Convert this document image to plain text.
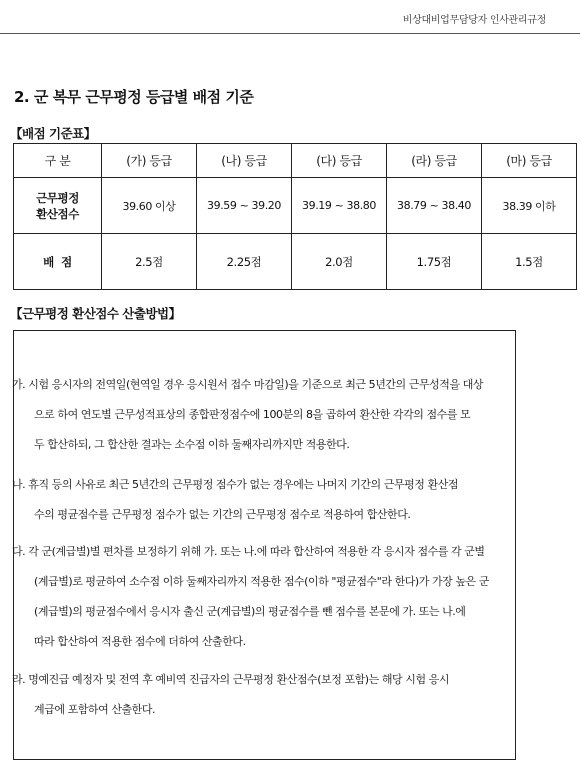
비상대비업무담당자 인사관리규정
2. 군 복무 근무평정 등급별 배점 기준
【배점 기준표】
구 분	(가) 등급	(나) 등급	(다) 등급	(라) 등급	(마) 등급
근무평정
환산점수	39.60 이상	39.59 ~ 39.20	39.19 ~ 38.80	38.79 ~ 38.40	38.39 이하
배  점	2.5점	2.25점	2.0점	1.75점	1.5점
【근무평정 환산점수 산출방법】
가. 시험 응시자의 전역일(현역일 경우 응시원서 접수 마감일)을 기준으로 최근 5년간의 근무성적을 대상
으로 하여 연도별 근무성적표상의 종합판정점수에 100분의 8을 곱하여 환산한 각각의 점수를 모
두 합산하되, 그 합산한 결과는 소수점 이하 둘째자리까지만 적용한다.
나. 휴직 등의 사유로 최근 5년간의 근무평정 점수가 없는 경우에는 나머지 기간의 근무평정 환산점
수의 평균점수를 근무평정 점수가 없는 기간의 근무평정 점수로 적용하여 합산한다.
다. 각 군(계급별)별 편차를 보정하기 위해 가. 또는 나.에 따라 합산하여 적용한 각 응시자 점수를 각 군별
(계급별)로 평균하여 소수점 이하 둘째자리까지 적용한 점수(이하 "평균점수"라 한다)가 가장 높은 군
(계급별)의 평균점수에서 응시자 출신 군(계급별)의 평균점수를 뺀 점수를 본문에 가. 또는 나.에
따라 합산하여 적용한 점수에 더하여 산출한다.
라. 명예진급 예정자 및 전역 후 예비역 진급자의 근무평정 환산점수(보정 포함)는 해당 시험 응시
계급에 포함하여 산출한다.
